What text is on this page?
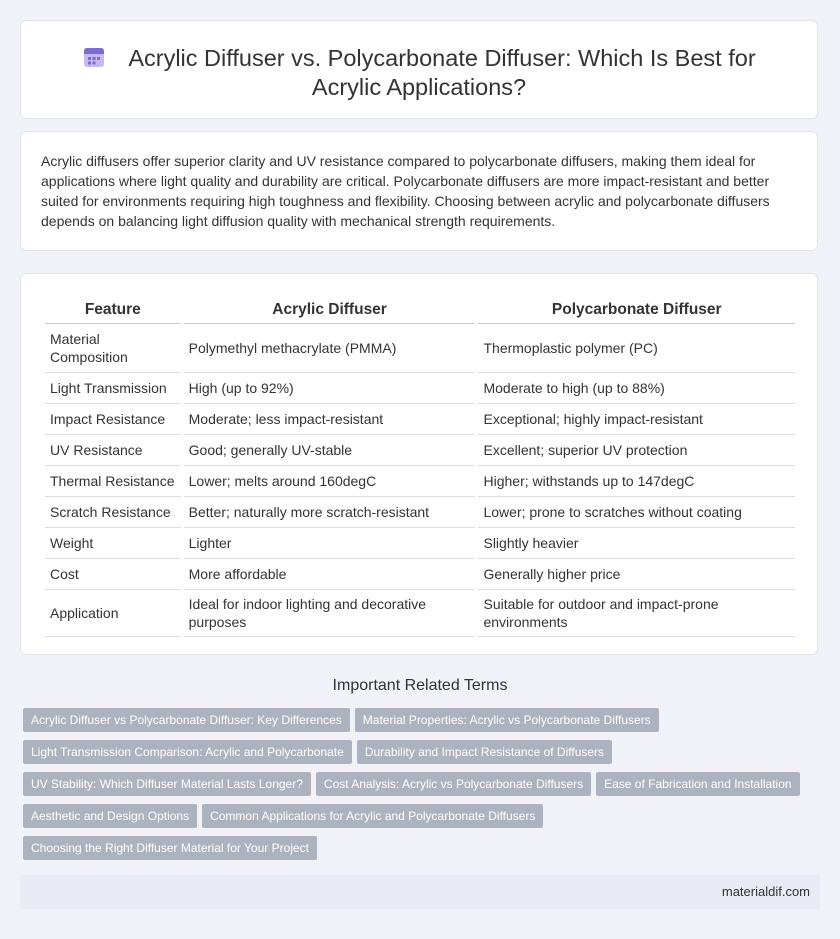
Acrylic Diffuser vs. Polycarbonate Diffuser: Which Is Best for
Acrylic Applications?

Acrylic diffusers offer superior clarity and UV resistance compared to polycarbonate diffusers, making them ideal for applications where light quality and durability are critical. Polycarbonate diffusers are more impact-resistant and better suited for environments requiring high toughness and flexibility. Choosing between acrylic and polycarbonate diffusers depends on balancing light diffusion quality with mechanical strength requirements.

Feature	Acrylic Diffuser	Polycarbonate Diffuser
Material Composition	Polymethyl methacrylate (PMMA)	Thermoplastic polymer (PC)
Light Transmission	High (up to 92%)	Moderate to high (up to 88%)
Impact Resistance	Moderate; less impact-resistant	Exceptional; highly impact-resistant
UV Resistance	Good; generally UV-stable	Excellent; superior UV protection
Thermal Resistance	Lower; melts around 160degC	Higher; withstands up to 147degC
Scratch Resistance	Better; naturally more scratch-resistant	Lower; prone to scratches without coating
Weight	Lighter	Slightly heavier
Cost	More affordable	Generally higher price
Application	Ideal for indoor lighting and decorative purposes	Suitable for outdoor and impact-prone environments
Important Related Terms
Acrylic Diffuser vs Polycarbonate Diffuser: Key Differences Material Properties: Acrylic vs Polycarbonate Diffusers
Light Transmission Comparison: Acrylic and Polycarbonate Durability and Impact Resistance of Diffusers
UV Stability: Which Diffuser Material Lasts Longer? Cost Analysis: Acrylic vs Polycarbonate Diffusers Ease of Fabrication and Installation
Aesthetic and Design Options Common Applications for Acrylic and Polycarbonate Diffusers
Choosing the Right Diffuser Material for Your Project
materialdif.com
